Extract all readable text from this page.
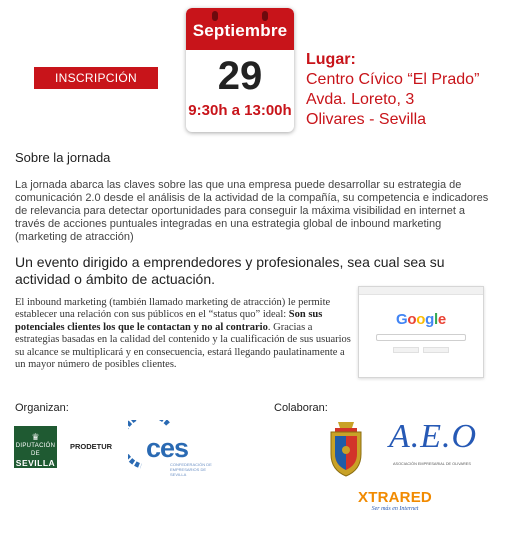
INSCRIPCIÓN
Septiembre
29
9:30h a 13:00h
Lugar:
Centro Cívico “El Prado”
Avda. Loreto, 3
Olivares - Sevilla
Sobre la jornada

La jornada abarca las claves sobre las que una empresa puede desarrollar su estrategia de comunicación 2.0 desde el análisis de la actividad de la compañía, su competencia e indicadores de relevancia para detectar oportunidades para conseguir la máxima visibilidad en internet a través de acciones puntuales integradas en una estrategia global de inbound marketing (marketing de atracción)

Un evento dirigido a emprendedores y profesionales, sea cual sea su actividad o ámbito de actuación.

El inbound marketing (también llamado marketing de atracción) le permite establecer una relación con sus públicos en el “status quo” ideal: Son sus potenciales clientes los que le contactan y no al contrario. Gracias a estrategias basadas en la calidad del contenido y la cualificación de sus usuarios su alcance se multiplicará y en consecuencia, estará llegando paulatinamente a un mayor número de posibles clientes.

Google
Organizan:	Colaboran:
♛
DIPUTACIÓN DE
SEVILLA
PRODETUR ces
CONFEDERACIÓN DE EMPRESARIOS DE SEVILLA
A.E.O
ASOCIACIÓN EMPRESARIAL DE OLIVARES
XTRARED
Ser más en Internet
